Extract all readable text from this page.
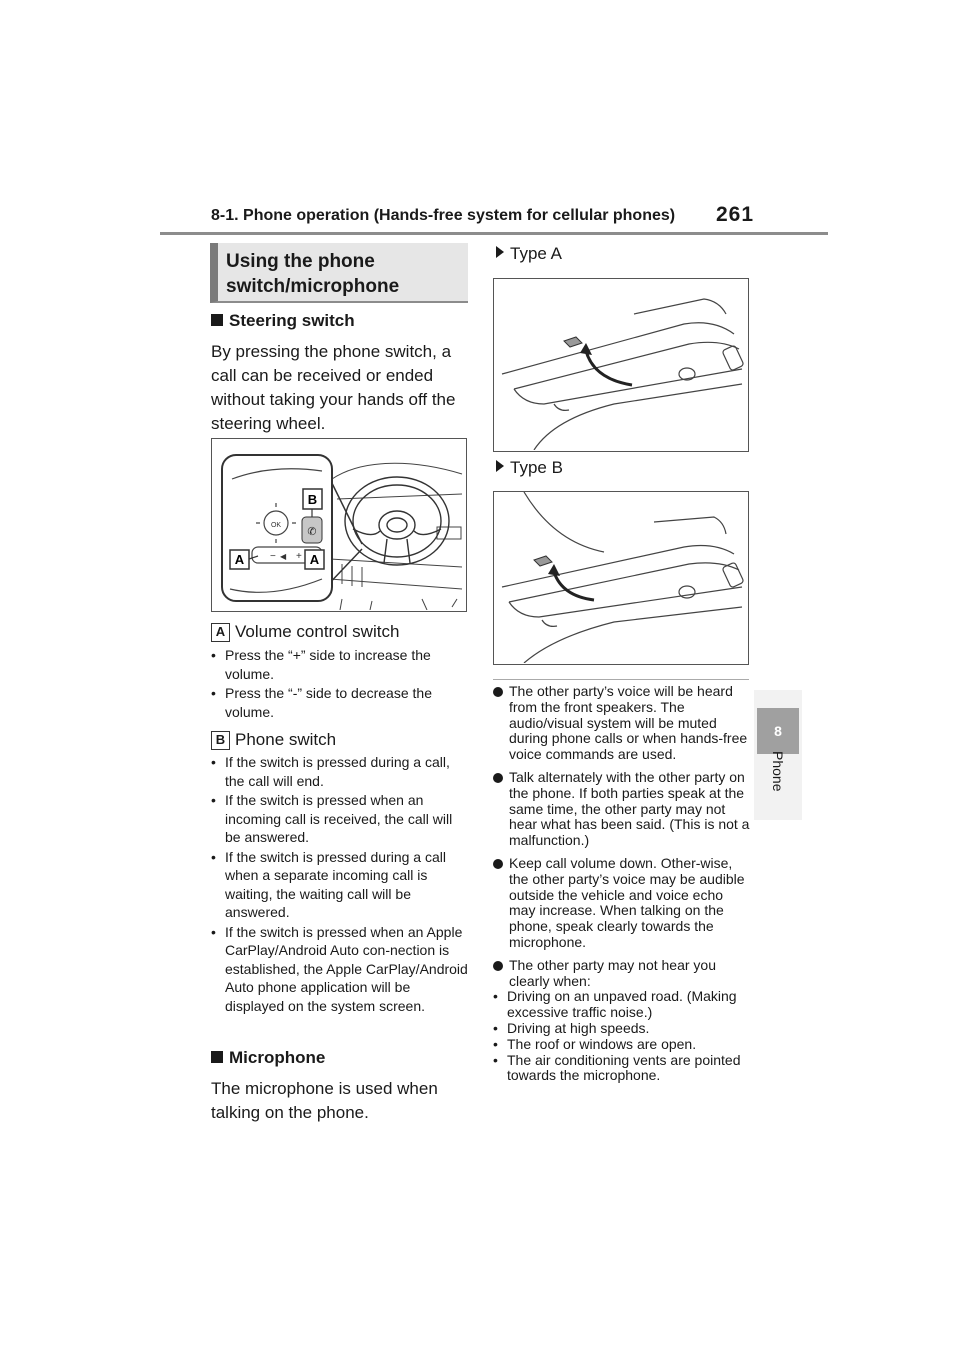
8-1. Phone operation (Hands-free system for cellular phones) 261
8
Phone
Using the phone
switch/microphone
Steering switch
By pressing the phone switch, a call can be received or ended without taking your hands off the steering wheel.
OK
− ◀ +
✆
B
A	A
A Volume control switch
• Press the “+” side to increase the volume.
• Press the “-” side to decrease the volume.
B Phone switch
• If the switch is pressed during a call, the call will end.
• If the switch is pressed when an incoming call is received, the call will be answered.
• If the switch is pressed during a call when a separate incoming call is waiting, the waiting call will be answered.
• If the switch is pressed when an Apple CarPlay/Android Auto con-nection is established, the Apple CarPlay/Android Auto phone application will be displayed on the system screen.
Microphone
The microphone is used when talking on the phone.
Type A
Type B
The other party’s voice will be heard from the front speakers. The audio/visual system will be muted during phone calls or when hands-free voice commands are used.
Talk alternately with the other party on the phone. If both parties speak at the same time, the other party may not hear what has been said. (This is not a malfunction.)
Keep call volume down. Other-wise, the other party’s voice may be audible outside the vehicle and voice echo may increase. When talking on the phone, speak clearly towards the microphone.
The other party may not hear you clearly when:
• Driving on an unpaved road. (Making excessive traffic noise.)
• Driving at high speeds.
• The roof or windows are open.
• The air conditioning vents are pointed towards the microphone.
